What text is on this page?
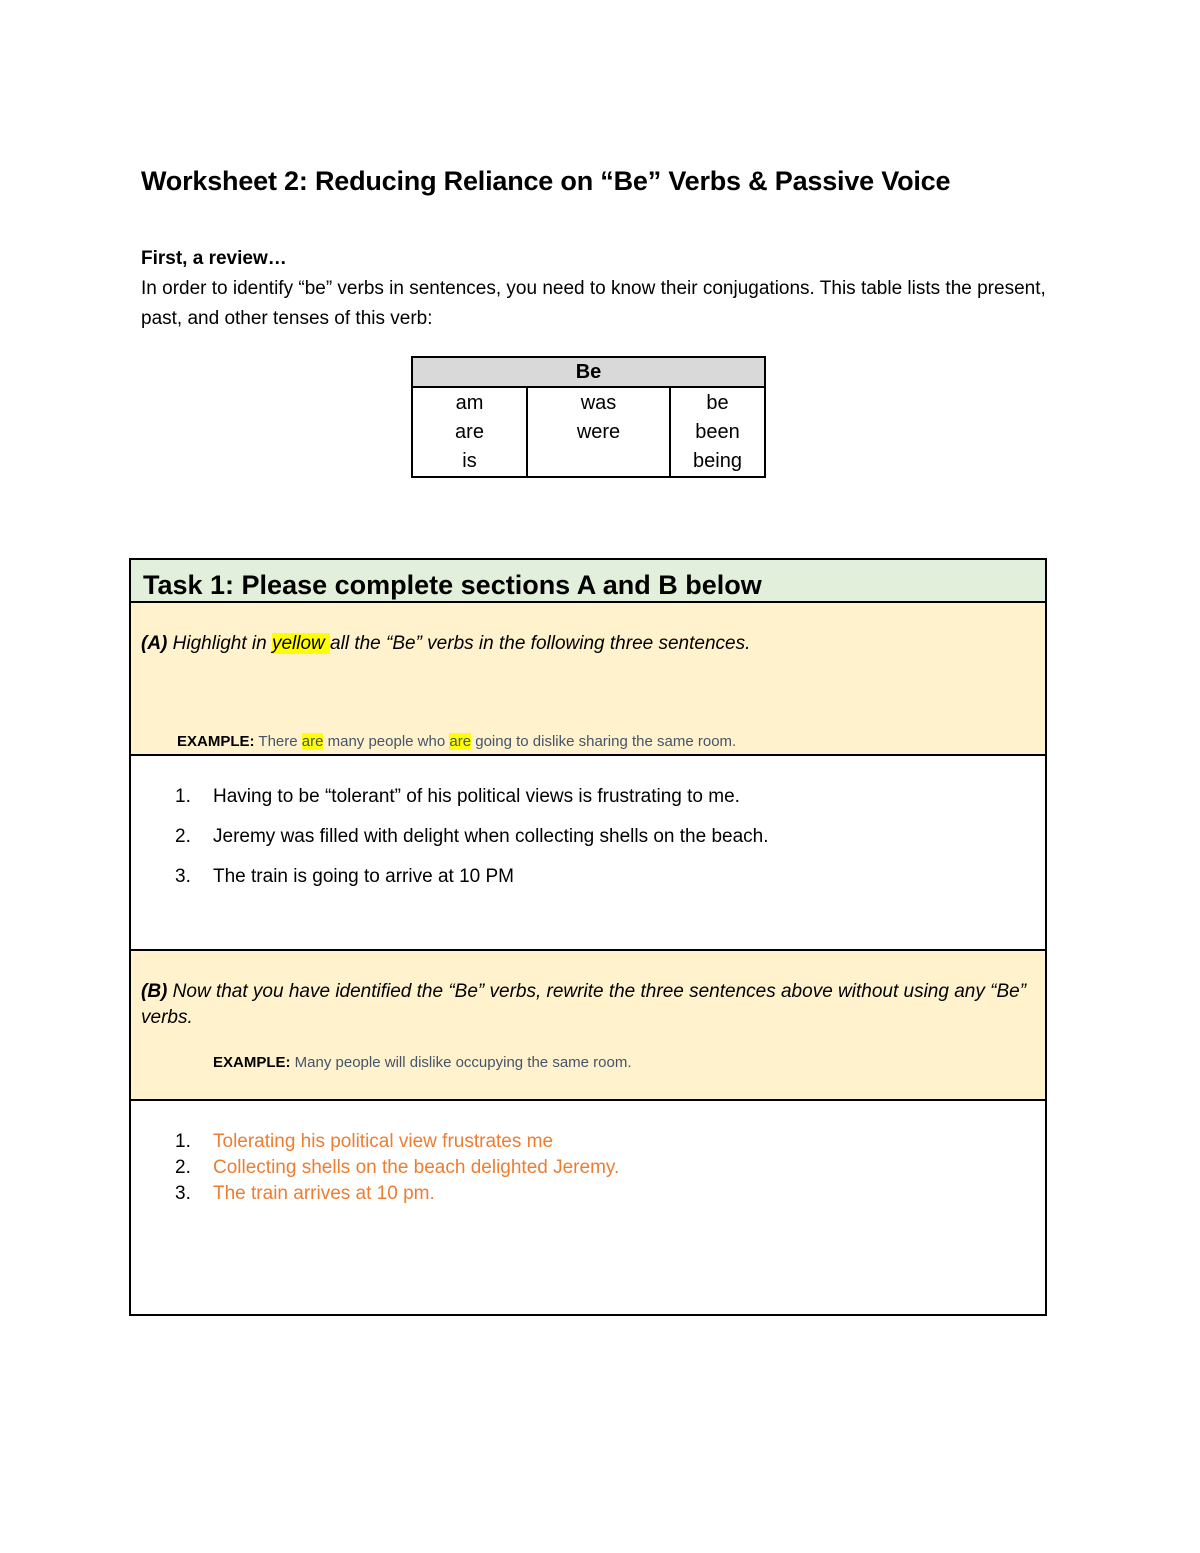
Worksheet 2: Reducing Reliance on “Be” Verbs & Passive Voice
First, a review…
In order to identify “be” verbs in sentences, you need to know their conjugations. This table lists the present, past, and other tenses of this verb:
Be

am
are
is

was
were

be
been
being
Task 1: Please complete sections A and B below
(A) Highlight in yellow all the “Be” verbs in the following three sentences.
EXAMPLE: There are many people who are going to dislike sharing the same room.
1. Having to be “tolerant” of his political views is frustrating to me.
2. Jeremy was filled with delight when collecting shells on the beach.
3. The train is going to arrive at 10 PM
(B) Now that you have identified the “Be” verbs, rewrite the three sentences above without using any “Be” verbs.
EXAMPLE: Many people will dislike occupying the same room.
1. Tolerating his political view frustrates me
2. Collecting shells on the beach delighted Jeremy.
3. The train arrives at 10 pm.
